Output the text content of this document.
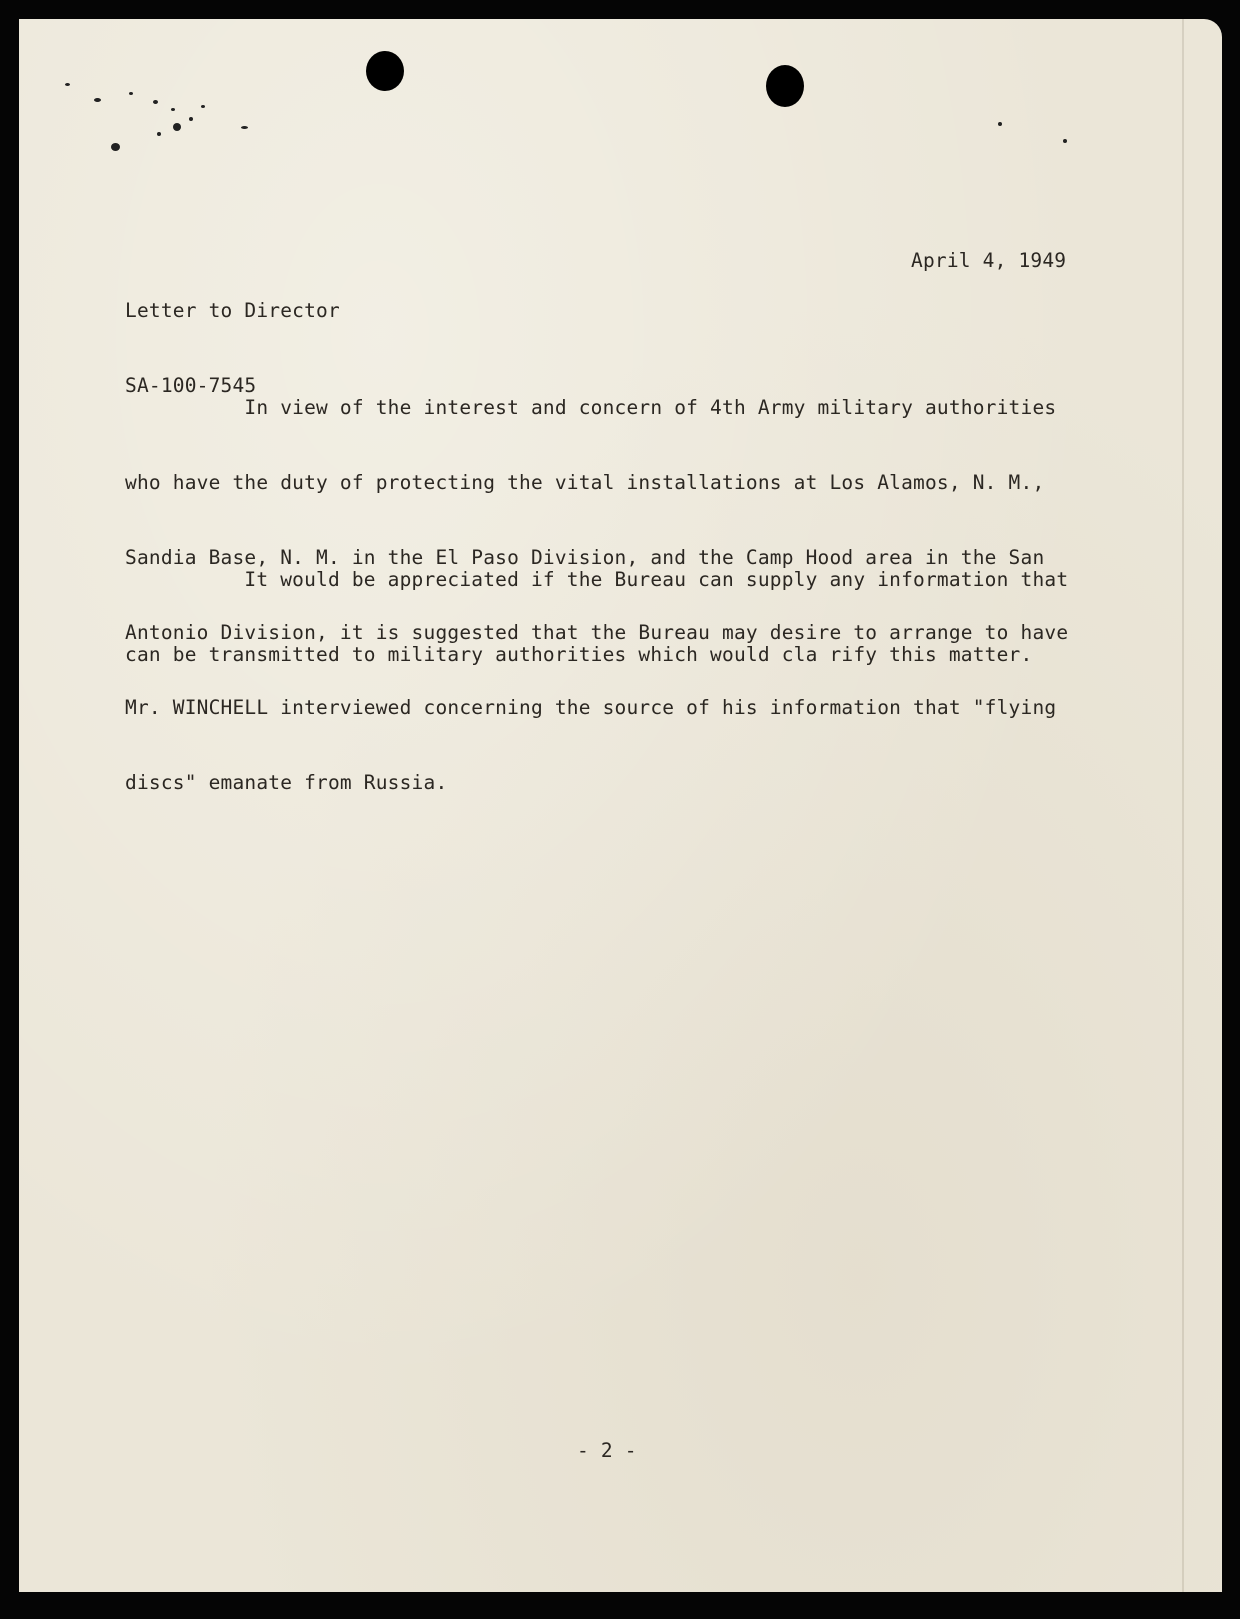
Letter to Director

SA-100-7545

April 4, 1949

In view of the interest and concern of 4th Army military authorities

who have the duty of protecting the vital installations at Los Alamos, N. M.,

Sandia Base, N. M. in the El Paso Division, and the Camp Hood area in the San

Antonio Division, it is suggested that the Bureau may desire to arrange to have

Mr. WINCHELL interviewed concerning the source of his information that "flying

discs" emanate from Russia.

It would be appreciated if the Bureau can supply any information that

can be transmitted to military authorities which would cla rify this matter.

- 2 -
